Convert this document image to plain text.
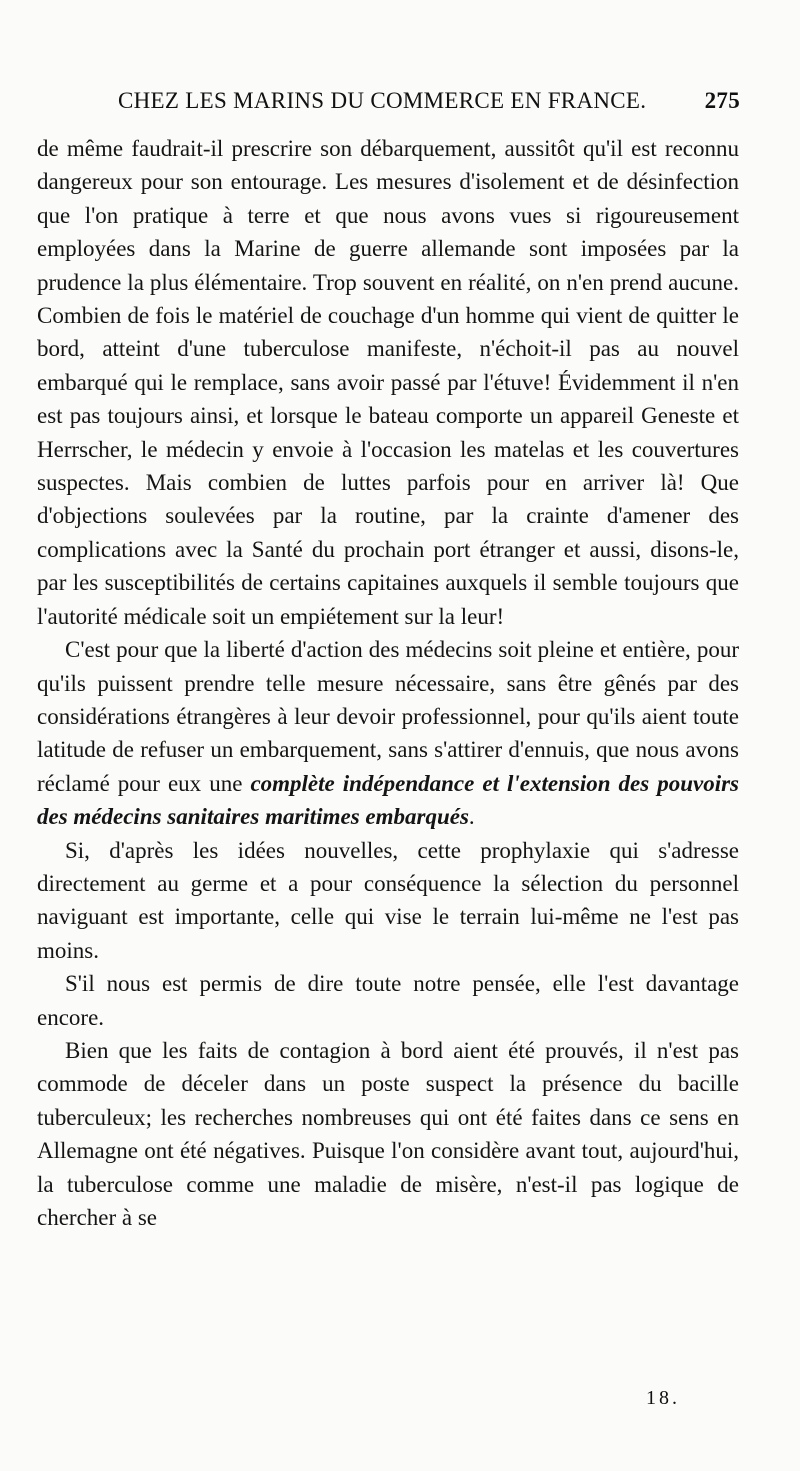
CHEZ LES MARINS DU COMMERCE EN FRANCE.	275

de même faudrait-il prescrire son débarquement, aussitôt qu'il est reconnu dangereux pour son entourage. Les mesures d'isolement et de désinfection que l'on pratique à terre et que nous avons vues si rigoureusement employées dans la Marine de guerre allemande sont imposées par la prudence la plus élémentaire. Trop souvent en réalité, on n'en prend aucune. Combien de fois le matériel de couchage d'un homme qui vient de quitter le bord, atteint d'une tuberculose manifeste, n'échoit-il pas au nouvel embarqué qui le remplace, sans avoir passé par l'étuve! Évidemment il n'en est pas toujours ainsi, et lorsque le bateau comporte un appareil Geneste et Herrscher, le médecin y envoie à l'occasion les matelas et les couvertures suspectes. Mais combien de luttes parfois pour en arriver là! Que d'objections soulevées par la routine, par la crainte d'amener des complications avec la Santé du prochain port étranger et aussi, disons-le, par les susceptibilités de certains capitaines auxquels il semble toujours que l'autorité médicale soit un empiétement sur la leur!

C'est pour que la liberté d'action des médecins soit pleine et entière, pour qu'ils puissent prendre telle mesure nécessaire, sans être gênés par des considérations étrangères à leur devoir professionnel, pour qu'ils aient toute latitude de refuser un embarquement, sans s'attirer d'ennuis, que nous avons réclamé pour eux une complète indépendance et l'extension des pouvoirs des médecins sanitaires maritimes embarqués.

Si, d'après les idées nouvelles, cette prophylaxie qui s'adresse directement au germe et a pour conséquence la sélection du personnel naviguant est importante, celle qui vise le terrain lui-même ne l'est pas moins.

S'il nous est permis de dire toute notre pensée, elle l'est davantage encore.

Bien que les faits de contagion à bord aient été prouvés, il n'est pas commode de déceler dans un poste suspect la présence du bacille tuberculeux; les recherches nombreuses qui ont été faites dans ce sens en Allemagne ont été négatives. Puisque l'on considère avant tout, aujourd'hui, la tuberculose comme une maladie de misère, n'est-il pas logique de chercher à se

18.
